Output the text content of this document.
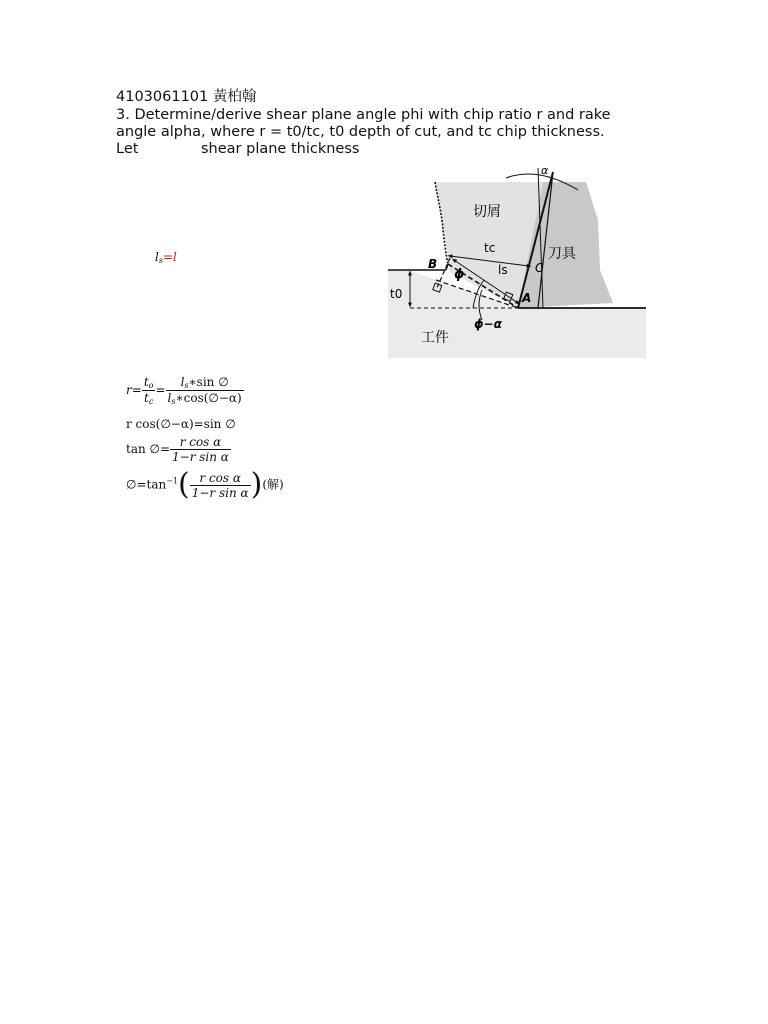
4103061101 黃柏翰
3. Determine/derive shear plane angle phi with chip ratio r and rake
angle alpha, where r = t0/tc, t0 depth of cut, and tc chip thickness.
Let	shear plane thickness
$l_s=l$
α
tc
ls
t0
ϕ
ϕ−α
B	C
A
切屑
刀具
工件
$r= \frac{t_o}{t_c} = \frac{l_s∗\sin \emptyset}{l_s∗\cos(\emptyset-\alpha)}$
r cos(∅−α)=sin ∅
tan ∅= $\frac{\text{r cos α}}{\text{1−r sin α}}$
$\emptyset=\tan^{-1}( \frac{\text{r cos α}}{\text{1−r sin α}}$ )(解)
